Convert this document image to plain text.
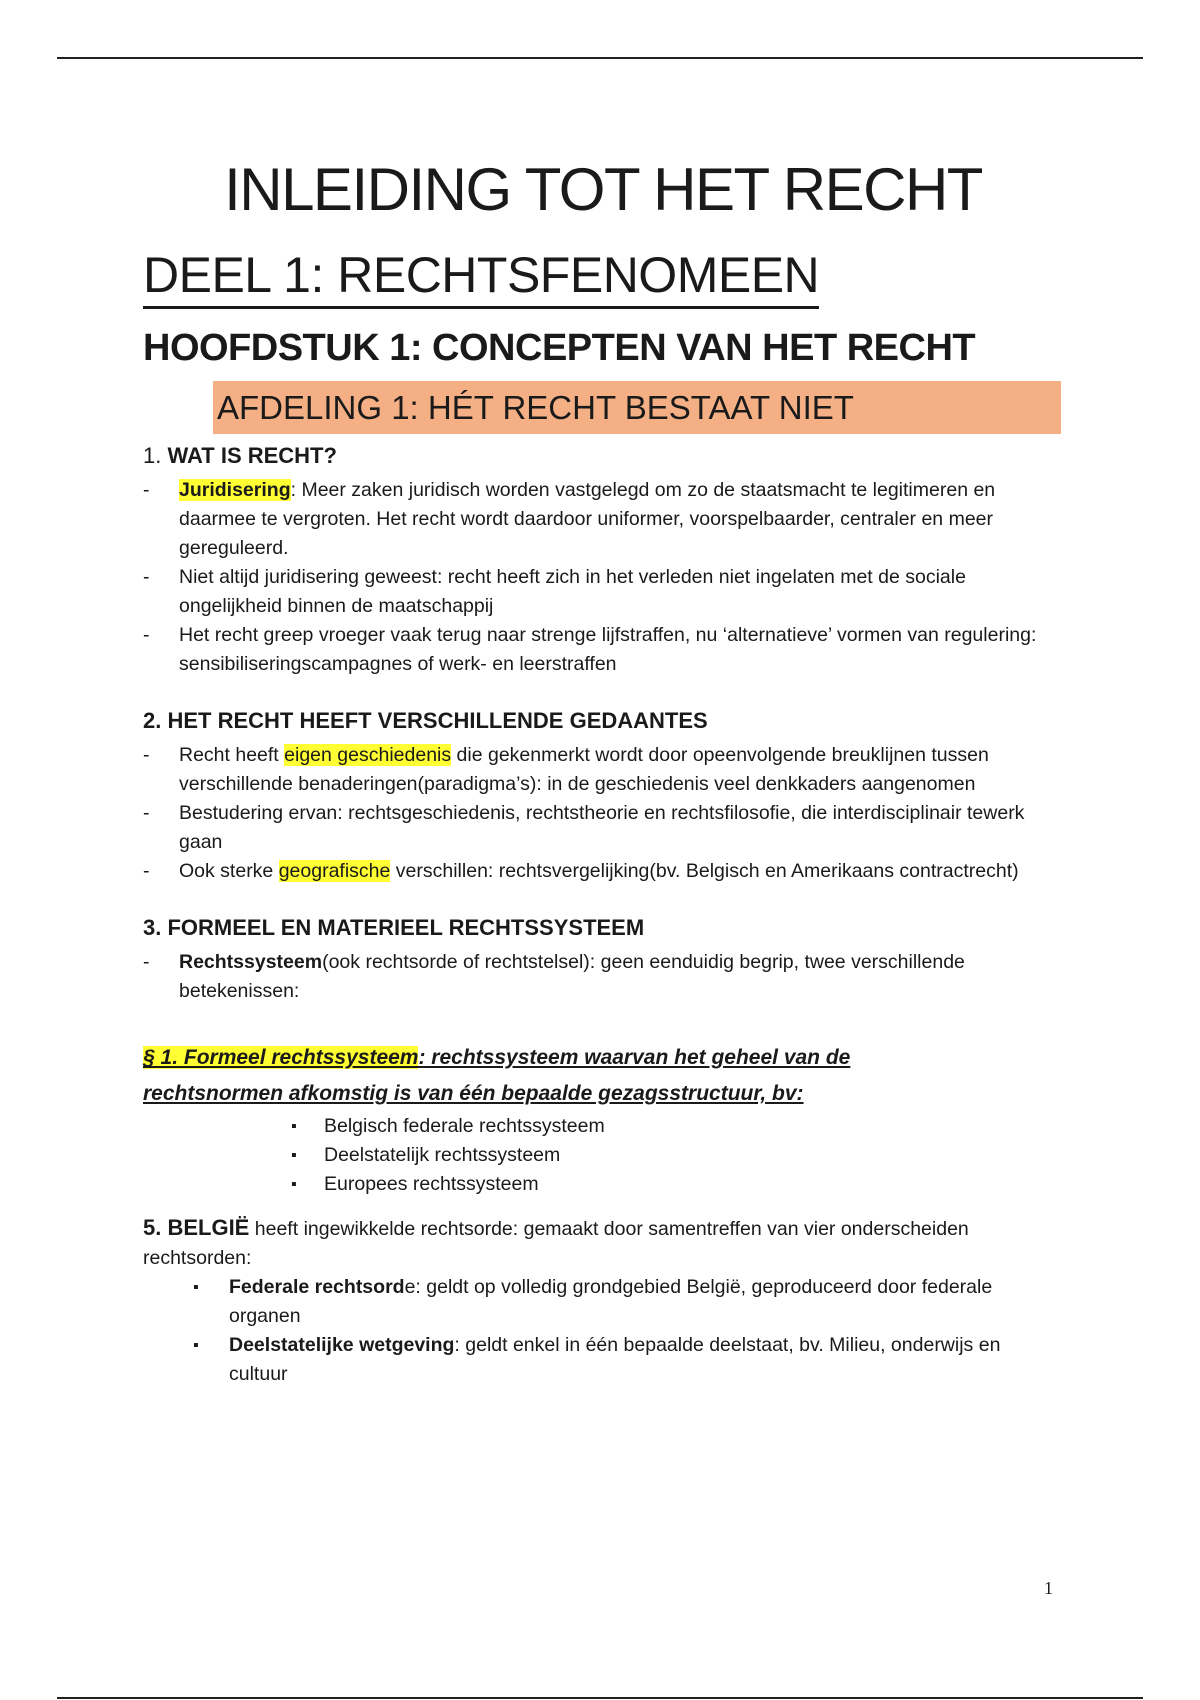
INLEIDING TOT HET RECHT
DEEL 1: RECHTSFENOMEEN
HOOFDSTUK 1: CONCEPTEN VAN HET RECHT
AFDELING 1: HÉT RECHT BESTAAT NIET
1. WAT IS RECHT?
- Juridisering: Meer zaken juridisch worden vastgelegd om zo de staatsmacht te legitimeren en daarmee te vergroten. Het recht wordt daardoor uniformer, voorspelbaarder, centraler en meer gereguleerd.
- Niet altijd juridisering geweest: recht heeft zich in het verleden niet ingelaten met de sociale ongelijkheid binnen de maatschappij
- Het recht greep vroeger vaak terug naar strenge lijfstraffen, nu ‘alternatieve’ vormen van regulering: sensibiliseringscampagnes of werk- en leerstraffen
2. HET RECHT HEEFT VERSCHILLENDE GEDAANTES
- Recht heeft eigen geschiedenis die gekenmerkt wordt door opeenvolgende breuklijnen tussen verschillende benaderingen(paradigma’s): in de geschiedenis veel denkkaders aangenomen
- Bestudering ervan: rechtsgeschiedenis, rechtstheorie en rechtsfilosofie, die interdisciplinair tewerk gaan
- Ook sterke geografische verschillen: rechtsvergelijking(bv. Belgisch en Amerikaans contractrecht)
3. FORMEEL EN MATERIEEL RECHTSSYSTEEM
- Rechtssysteem(ook rechtsorde of rechtstelsel): geen eenduidig begrip, twee verschillende betekenissen:
§ 1. Formeel rechtssysteem: rechtssysteem waarvan het geheel van de rechtsnormen afkomstig is van één bepaalde gezagsstructuur, bv:
▪ Belgisch federale rechtssysteem
▪ Deelstatelijk rechtssysteem
▪ Europees rechtssysteem
5. BELGIË heeft ingewikkelde rechtsorde: gemaakt door samentreffen van vier onderscheiden rechtsorden:
▪ Federale rechtsorde: geldt op volledig grondgebied België, geproduceerd door federale organen
▪ Deelstatelijke wetgeving: geldt enkel in één bepaalde deelstaat, bv. Milieu, onderwijs en cultuur
1
